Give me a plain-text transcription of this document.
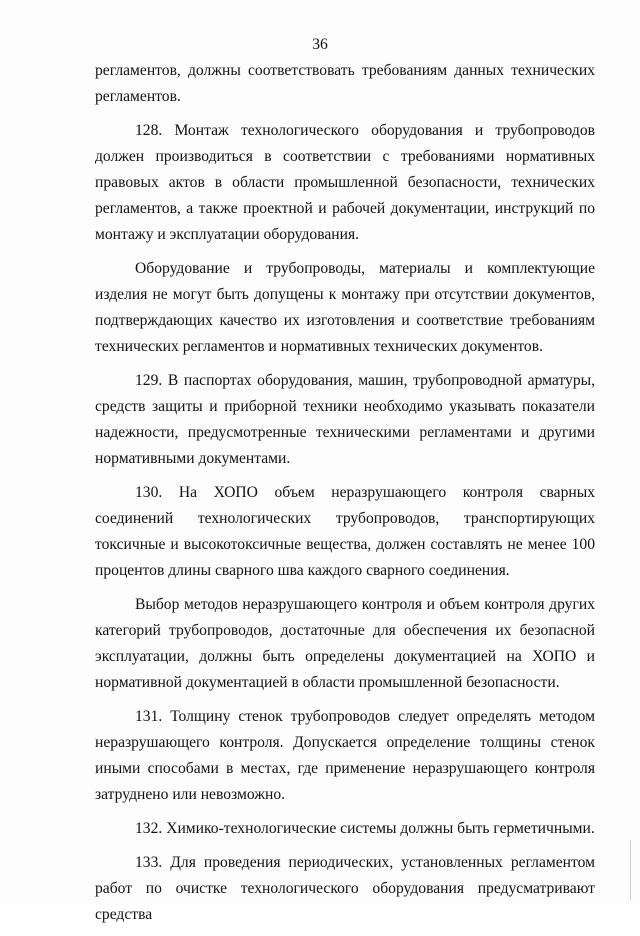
36

регламентов, должны соответствовать требованиям данных технических регламентов.

128. Монтаж технологического оборудования и трубопроводов должен производиться в соответствии с требованиями нормативных правовых актов в области промышленной безопасности, технических регламентов, а также проектной и рабочей документации, инструкций по монтажу и эксплуатации оборудования.

Оборудование и трубопроводы, материалы и комплектующие изделия не могут быть допущены к монтажу при отсутствии документов, подтверждающих качество их изготовления и соответствие требованиям технических регламентов и нормативных технических документов.

129. В паспортах оборудования, машин, трубопроводной арматуры, средств защиты и приборной техники необходимо указывать показатели надежности, предусмотренные техническими регламентами и другими нормативными документами.

130. На ХОПО объем неразрушающего контроля сварных соединений технологических трубопроводов, транспортирующих токсичные и высокотоксичные вещества, должен составлять не менее 100 процентов длины сварного шва каждого сварного соединения.

Выбор методов неразрушающего контроля и объем контроля других категорий трубопроводов, достаточные для обеспечения их безопасной эксплуатации, должны быть определены документацией на ХОПО и нормативной документацией в области промышленной безопасности.

131. Толщину стенок трубопроводов следует определять методом неразрушающего контроля. Допускается определение толщины стенок иными способами в местах, где применение неразрушающего контроля затруднено или невозможно.

132. Химико-технологические системы должны быть герметичными.

133. Для проведения периодических, установленных регламентом работ по очистке технологического оборудования предусматривают средства
